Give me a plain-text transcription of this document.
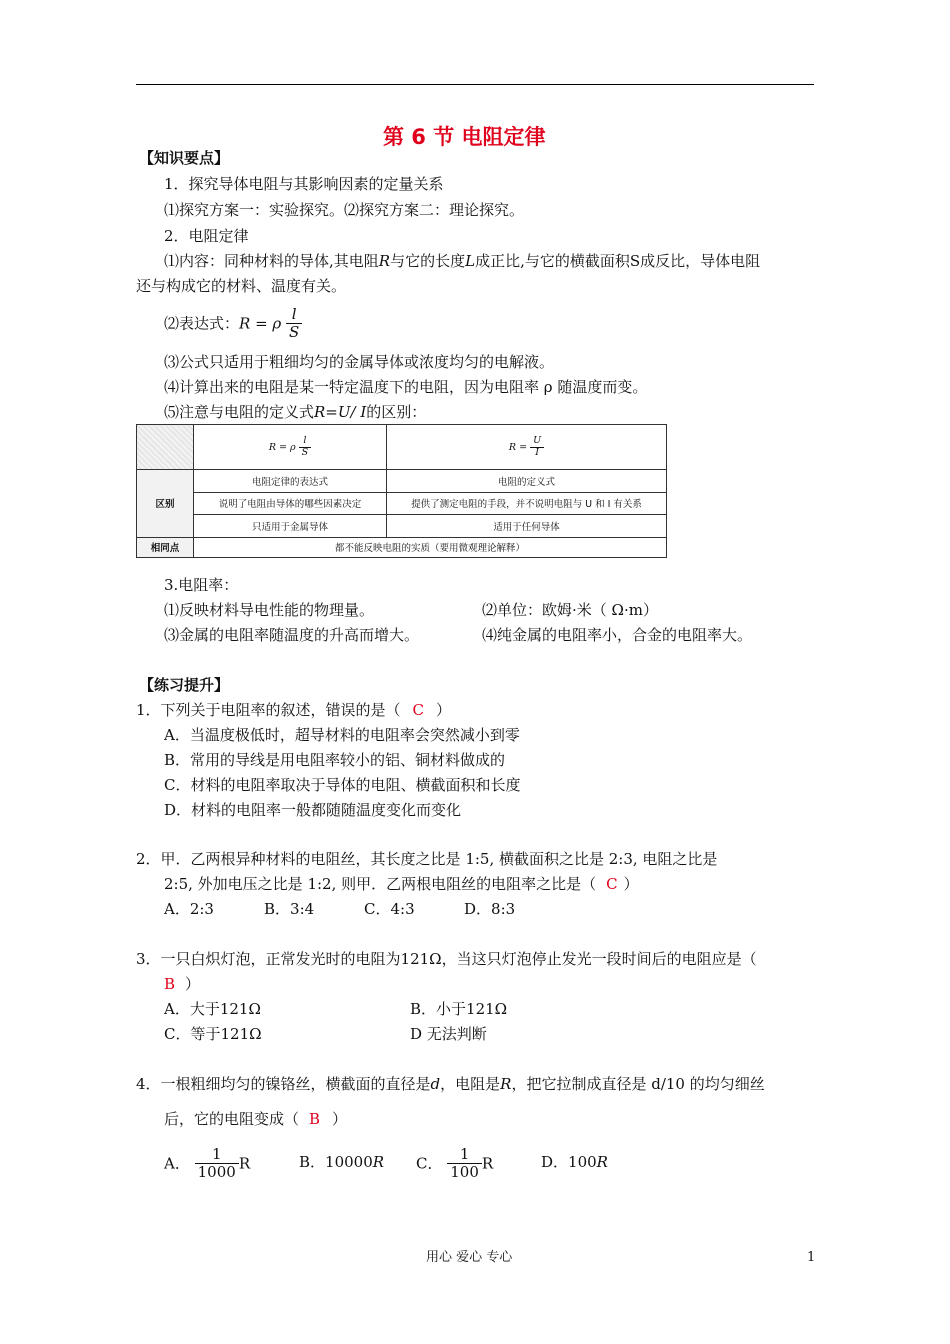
第 6 节 电阻定律
【知识要点】
1．探究导体电阻与其影响因素的定量关系
⑴探究方案一：实验探究。⑵探究方案二：理论探究。
2．电阻定律
⑴内容：同种材料的导体,其电阻R与它的长度L成正比,与它的横截面积S成反比，导体电阻
还与构成它的材料、温度有关。
⑵表达式：R = ρ $\frac{l}{S}$
⑶公式只适用于粗细均匀的金属导体或浓度均匀的电解液。
⑷计算出来的电阻是某一特定温度下的电阻，因为电阻率 ρ 随温度而变。
⑸注意与电阻的定义式R=U/ I的区别：
	R = ρ $\frac{l}{S}$	$R = \frac{U}{I}$

区别	电阻定律的表达式	电阻的定义式
	说明了电阻由导体的哪些因素决定	提供了测定电阻的手段，并不说明电阻与 U 和 I 有关系
	只适用于金属导体	适用于任何导体
相同点	都不能反映电阻的实质（要用微观理论解释）	
3.电阻率：
⑴反映材料导电性能的物理量。	⑵单位：欧姆·米（ Ω·m）
⑶金属的电阻率随温度的升高而增大。	⑷纯金属的电阻率小，合金的电阻率大。
【练习提升】
1．下列关于电阻率的叙述，错误的是（ C ）
A．当温度极低时，超导材料的电阻率会突然减小到零
B．常用的导线是用电阻率较小的铝、铜材料做成的
C．材料的电阻率取决于导体的电阻、横截面积和长度
D．材料的电阻率一般都随随温度变化而变化
2．甲．乙两根异种材料的电阻丝，其长度之比是 1:5, 横截面积之比是 2:3, 电阻之比是
2:5, 外加电压之比是 1:2, 则甲．乙两根电阻丝的电阻率之比是（ C ）
A．2:3	B．3:4	C．4:3	D．8:3
3．一只白炽灯泡，正常发光时的电阻为121Ω，当这只灯泡停止发光一段时间后的电阻应是（
B ）
A．大于121Ω	B．小于121Ω
C．等于121Ω	D 无法判断
4．一根粗细均匀的镍铬丝，横截面的直径是d，电阻是R，把它拉制成直径是 d/10 的均匀细丝
后，它的电阻变成（ B ）
A． $\frac{1}{1000}$ R	B．10000R C． $\frac{1}{100}$ R	D．100R
用心 爱心 专心	1
